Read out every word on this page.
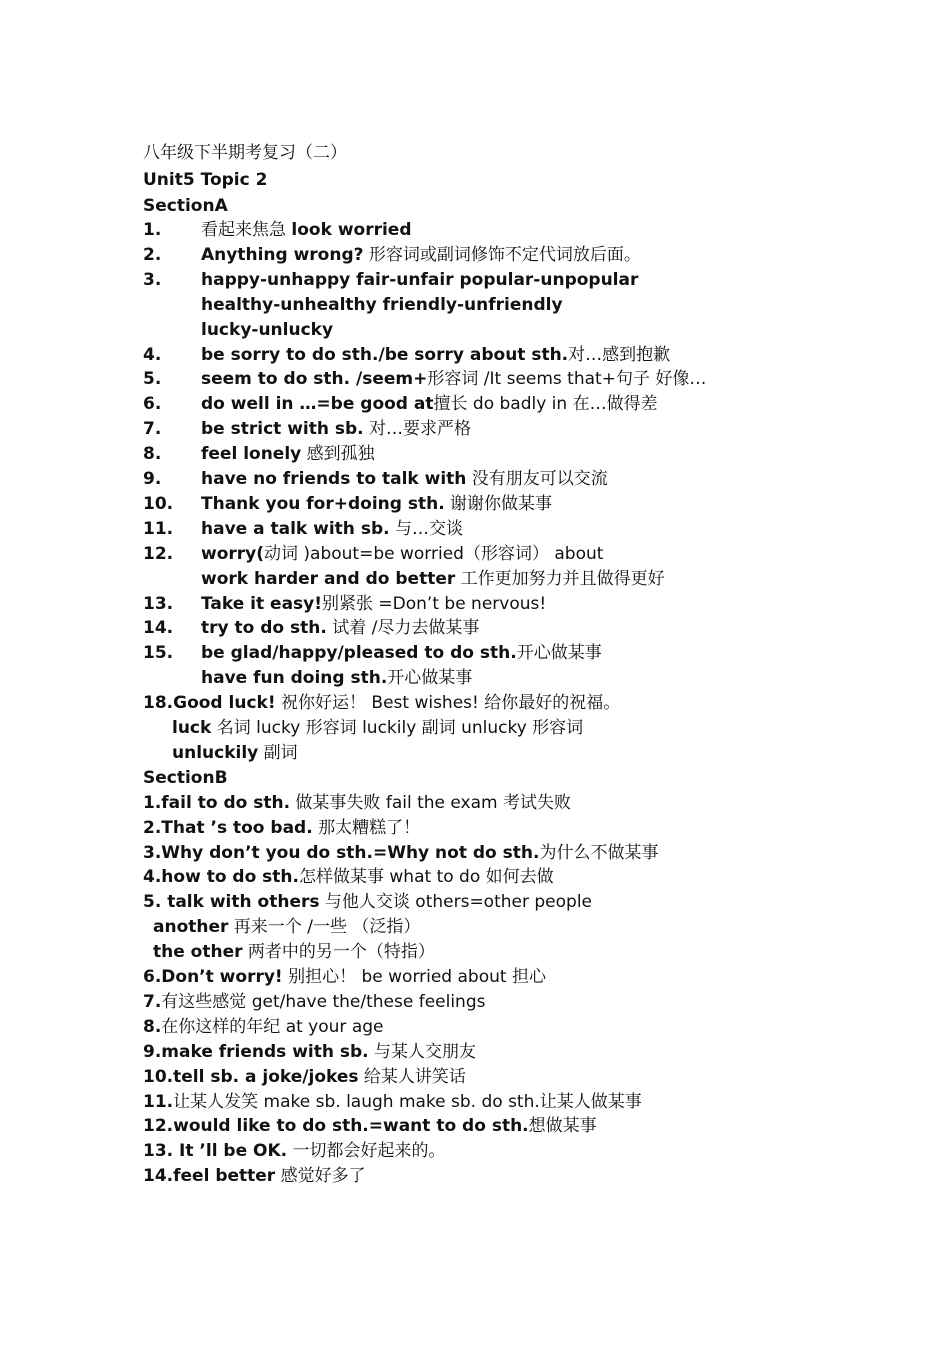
八年级下半期考复习（二）
Unit5 Topic 2
SectionA
1. 看起来焦急 look worried
2. Anything wrong? 形容词或副词修饰不定代词放后面。
3. happy-unhappy fair-unfair popular-unpopular
healthy-unhealthy friendly-unfriendly
lucky-unlucky
4. be sorry to do sth./be sorry about sth.对…感到抱歉
5. seem to do sth. /seem+形容词 /It seems that+句子 好像…
6. do well in …=be good at擅长 do badly in 在…做得差
7. be strict with sb. 对…要求严格
8. feel lonely 感到孤独
9. have no friends to talk with 没有朋友可以交流
10. Thank you for+doing sth. 谢谢你做某事
11. have a talk with sb. 与…交谈
12. worry(动词 )about=be worried（形容词） about
work harder and do better 工作更加努力并且做得更好
13. Take it easy!别紧张 =Don’t be nervous!
14. try to do sth. 试着 /尽力去做某事
15. be glad/happy/pleased to do sth.开心做某事
have fun doing sth.开心做某事
18.Good luck! 祝你好运！ Best wishes! 给你最好的祝福。
luck 名词 lucky 形容词 luckily 副词 unlucky 形容词
unluckily 副词
SectionB
1.fail to do sth. 做某事失败 fail the exam 考试失败
2.That ’s too bad. 那太糟糕了！
3.Why don’t you do sth.=Why not do sth.为什么不做某事
4.how to do sth.怎样做某事 what to do 如何去做
5. talk with others 与他人交谈 others=other people
another 再来一个 /一些 （泛指）
the other 两者中的另一个（特指）
6.Don’t worry! 别担心！ be worried about 担心
7.有这些感觉 get/have the/these feelings
8.在你这样的年纪 at your age
9.make friends with sb. 与某人交朋友
10.tell sb. a joke/jokes 给某人讲笑话
11.让某人发笑 make sb. laugh make sb. do sth.让某人做某事
12.would like to do sth.=want to do sth.想做某事
13. It ’ll be OK. 一切都会好起来的。
14.feel better 感觉好多了
